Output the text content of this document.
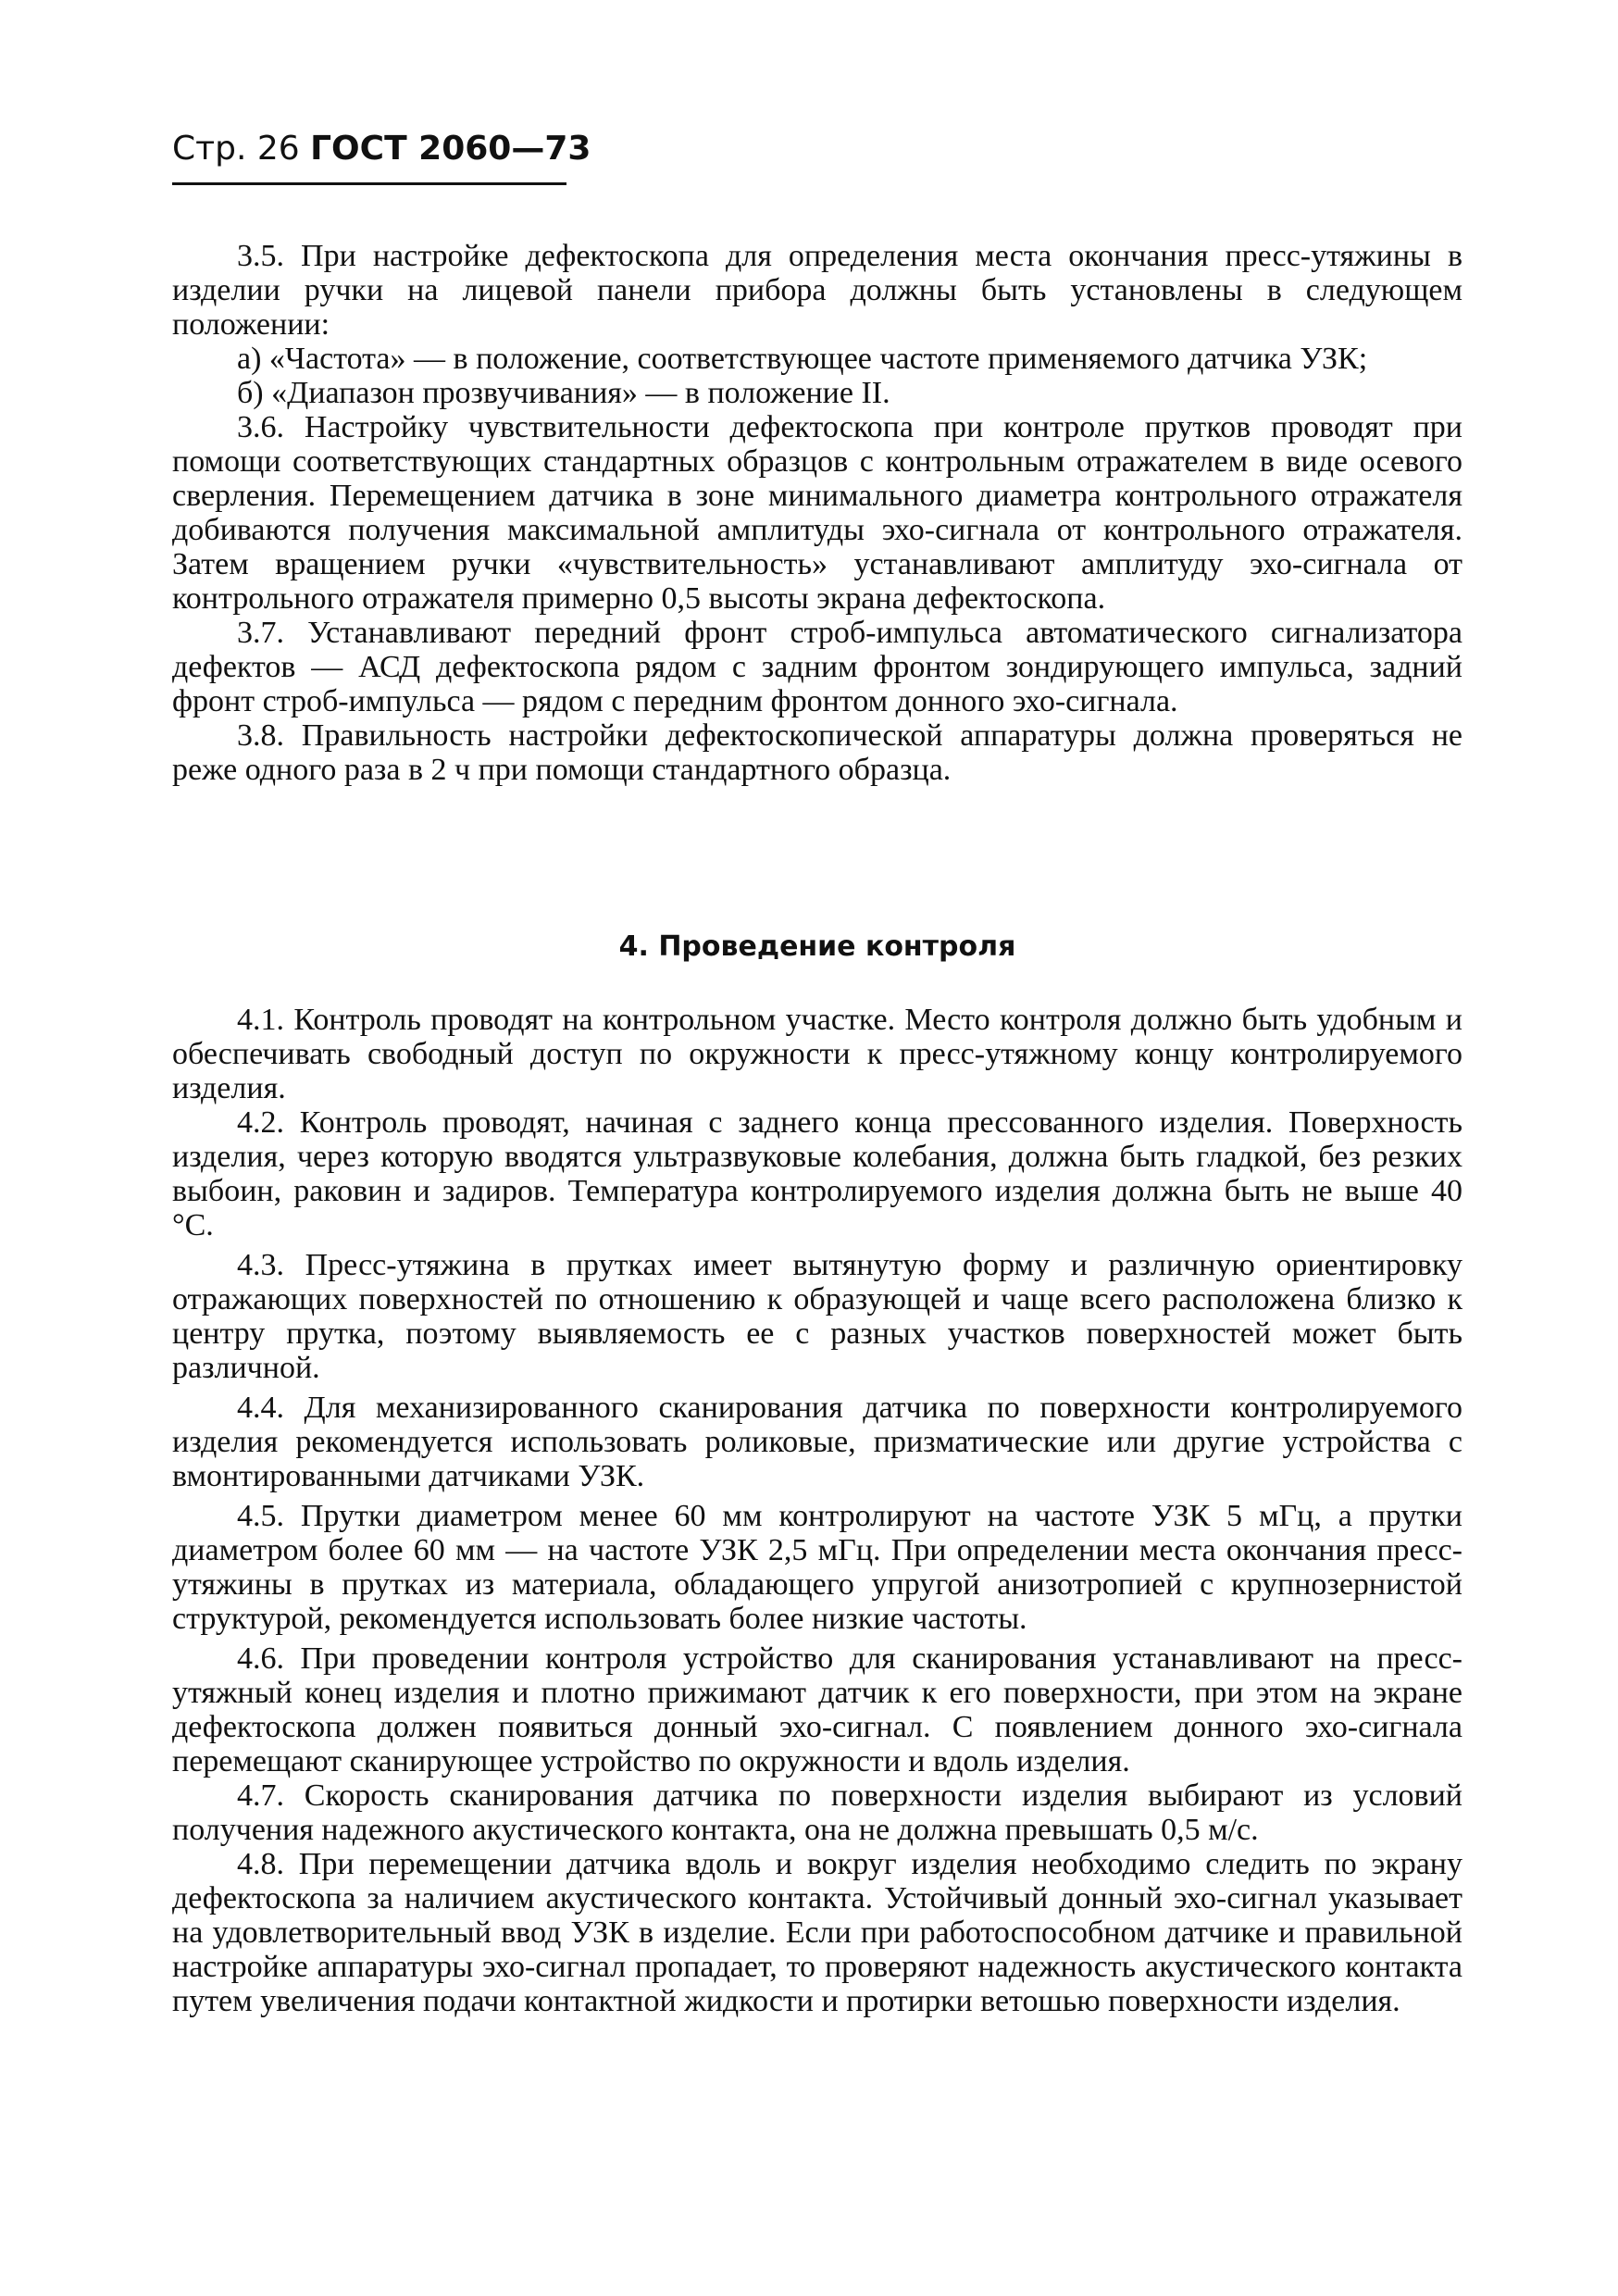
Стр. 26 ГОСТ 2060—73

3.5. При настройке дефектоскопа для определения места окончания пресс-утяжины в изделии ручки на лицевой панели прибора должны быть установлены в следующем положении:

а) «Частота» — в положение, соответствующее частоте применяемого датчика УЗК;

б) «Диапазон прозвучивания» — в положение II.

3.6. Настройку чувствительности дефектоскопа при контроле прутков проводят при помощи соответствующих стандартных образцов с контрольным отражателем в виде осевого сверления. Перемещением датчика в зоне минимального диаметра контрольного отражателя добиваются получения максимальной амплитуды эхо-сигнала от контрольного отражателя. Затем вращением ручки «чувствительность» устанавливают амплитуду эхо-сигнала от контрольного отражателя примерно 0,5 высоты экрана дефектоскопа.

3.7. Устанавливают передний фронт строб-импульса автоматического сигнализатора дефектов — АСД дефектоскопа рядом с задним фронтом зондирующего импульса, задний фронт строб-импульса — рядом с передним фронтом донного эхо-сигнала.

3.8. Правильность настройки дефектоскопической аппаратуры должна проверяться не реже одного раза в 2 ч при помощи стандартного образца.

4. Проведение контроля

4.1. Контроль проводят на контрольном участке. Место контроля должно быть удобным и обеспечивать свободный доступ по окружности к пресс-утяжному концу контролируемого изделия.

4.2. Контроль проводят, начиная с заднего конца прессованного изделия. Поверхность изделия, через которую вводятся ультразвуковые колебания, должна быть гладкой, без резких выбоин, раковин и задиров. Температура контролируемого изделия должна быть не выше 40 °С.

4.3. Пресс-утяжина в прутках имеет вытянутую форму и различную ориентировку отражающих поверхностей по отношению к образующей и чаще всего расположена близко к центру прутка, поэтому выявляемость ее с разных участков поверхностей может быть различной.

4.4. Для механизированного сканирования датчика по поверхности контролируемого изделия рекомендуется использовать роликовые, призматические или другие устройства с вмонтированными датчиками УЗК.

4.5. Прутки диаметром менее 60 мм контролируют на частоте УЗК 5 мГц, а прутки диаметром более 60 мм — на частоте УЗК 2,5 мГц. При определении места окончания пресс-утяжины в прутках из материала, обладающего упругой анизотропией с крупнозернистой структурой, рекомендуется использовать более низкие частоты.

4.6. При проведении контроля устройство для сканирования устанавливают на пресс-утяжный конец изделия и плотно прижимают датчик к его поверхности, при этом на экране дефектоскопа должен появиться донный эхо-сигнал. С появлением донного эхо-сигнала перемещают сканирующее устройство по окружности и вдоль изделия.

4.7. Скорость сканирования датчика по поверхности изделия выбирают из условий получения надежного акустического контакта, она не должна превышать 0,5 м/с.

4.8. При перемещении датчика вдоль и вокруг изделия необходимо следить по экрану дефектоскопа за наличием акустического контакта. Устойчивый донный эхо-сигнал указывает на удовлетворительный ввод УЗК в изделие. Если при работоспособном датчике и правильной настройке аппаратуры эхо-сигнал пропадает, то проверяют надежность акустического контакта путем увеличения подачи контактной жидкости и протирки ветошью поверхности изделия.
